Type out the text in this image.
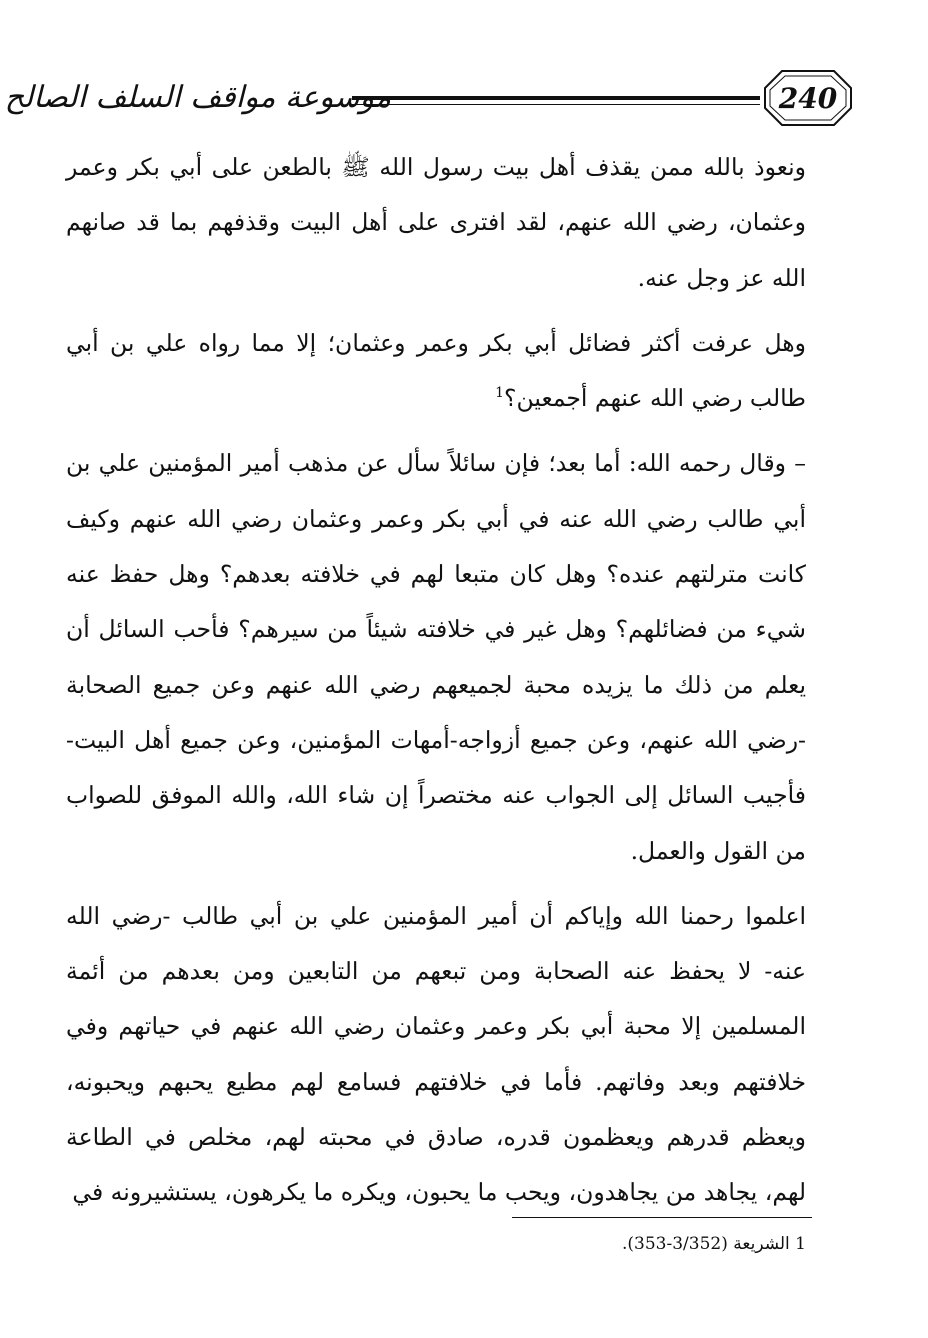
موسوعة مواقف السلف الصالح	240

ونعوذ بالله ممن يقذف أهل بيت رسول الله ﷺ بالطعن على أبي بكر وعمر وعثمان، رضي الله عنهم، لقد افترى على أهل البيت وقذفهم بما قد صانهم الله عز وجل عنه.

وهل عرفت أكثر فضائل أبي بكر وعمر وعثمان؛ إلا مما رواه علي بن أبي طالب رضي الله عنهم أجمعين؟$^1$

– وقال رحمه الله: أما بعد؛ فإن سائلاً سأل عن مذهب أمير المؤمنين علي بن أبي طالب رضي الله عنه في أبي بكر وعمر وعثمان رضي الله عنهم وكيف كانت مترلتهم عنده؟ وهل كان متبعا لهم في خلافته بعدهم؟ وهل حفظ عنه شيء من فضائلهم؟ وهل غير في خلافته شيئاً من سيرهم؟ فأحب السائل أن يعلم من ذلك ما يزيده محبة لجميعهم رضي الله عنهم وعن جميع الصحابة -رضي الله عنهم، وعن جميع أزواجه-أمهات المؤمنين، وعن جميع أهل البيت- فأجيب السائل إلى الجواب عنه مختصراً إن شاء الله، والله الموفق للصواب من القول والعمل.

اعلموا رحمنا الله وإياكم أن أمير المؤمنين علي بن أبي طالب -رضي الله عنه- لا يحفظ عنه الصحابة ومن تبعهم من التابعين ومن بعدهم من أئمة المسلمين إلا محبة أبي بكر وعمر وعثمان رضي الله عنهم في حياتهم وفي خلافتهم وبعد وفاتهم. فأما في خلافتهم فسامع لهم مطيع يحبهم ويحبونه، ويعظم قدرهم ويعظمون قدره، صادق في محبته لهم، مخلص في الطاعة لهم، يجاهد من يجاهدون، ويحب ما يحبون، ويكره ما يكرهون، يستشيرونه في

1 الشريعة (3/352-353).
